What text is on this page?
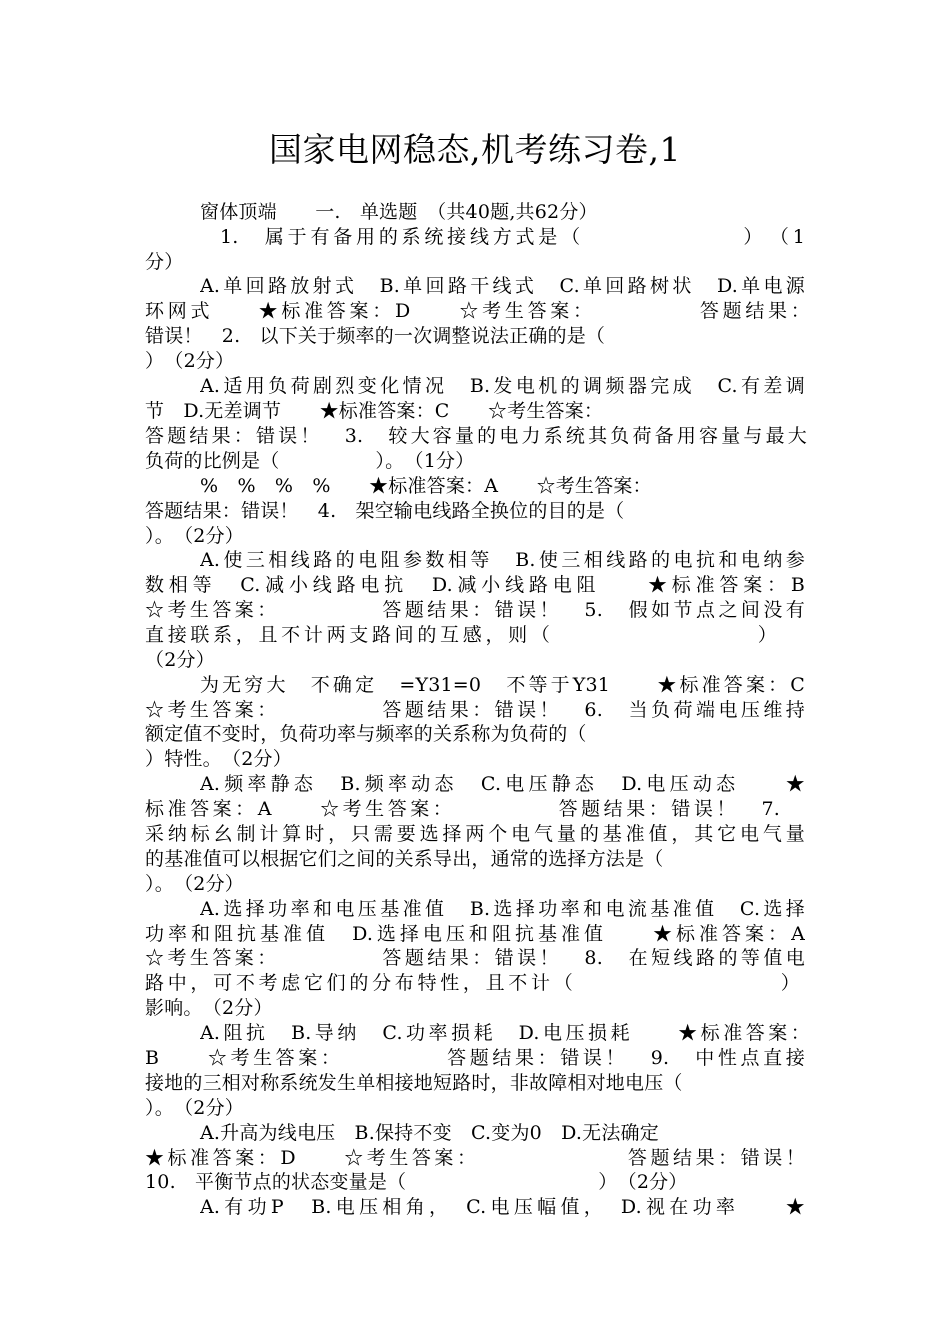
国家电网稳态,机考练习卷,1
窗体顶端　　一.　单选题　（共40题,共62分）
1.　属于有备用的系统接线方式是（　　　　　　　）　（1
分）
A.单回路放射式　B.单回路干线式　C.单回路树状　D.单电源
环网式　　★标准答案：D　　☆考生答案：　　　　　答题结果：
错误！　2.　以下关于频率的一次调整说法正确的是（
）　（2分）
A.适用负荷剧烈变化情况　B.发电机的调频器完成　C.有差调
节　D.无差调节　　★标准答案：C　　☆考生答案：
答题结果：错误！　3.　较大容量的电力系统其负荷备用容量与最大
负荷的比例是（　　　　　）。　（1分）
%　%　%　%　　★标准答案：A　　☆考生答案：
答题结果：错误！　4.　架空输电线路全换位的目的是（
）。　（2分）
A.使三相线路的电阻参数相等　B.使三相线路的电抗和电纳参
数相等　C.减小线路电抗　D.减小线路电阻　　★标准答案：B
☆考生答案：　　　　　答题结果：错误！　5.　假如节点之间没有
直接联系，且不计两支路间的互感，则（　　　　　　　　　）
（2分）
为无穷大　不确定　=Y31=0　不等于Y31　　★标准答案：C
☆考生答案：　　　　　答题结果：错误！　6.　当负荷端电压维持
额定值不变时，负荷功率与频率的关系称为负荷的（
）特性。　（2分）
A.频率静态　B.频率动态　C.电压静态　D.电压动态　　★
标准答案：A　　☆考生答案：　　　　　答题结果：错误！　7.
采纳标幺制计算时，只需要选择两个电气量的基准值，其它电气量
的基准值可以根据它们之间的关系导出，通常的选择方法是（
）。　（2分）
A.选择功率和电压基准值　B.选择功率和电流基准值　C.选择
功率和阻抗基准值　D.选择电压和阻抗基准值　　★标准答案：A
☆考生答案：　　　　　答题结果：错误！　8.　在短线路的等值电
路中，可不考虑它们的分布特性，且不计（　　　　　　　　　）
影响。　（2分）
A.阻抗　B.导纳　C.功率损耗　D.电压损耗　　★标准答案：
B　　☆考生答案：　　　　　答题结果：错误！　9.　中性点直接
接地的三相对称系统发生单相接地短路时，非故障相对地电压（
）。　（2分）
A.升高为线电压　B.保持不变　C.变为0　D.无法确定
★标准答案：D　　☆考生答案：　　　　　　　答题结果：错误！
10.　平衡节点的状态变量是（　　　　　　　　　　）　（2分）
A.有功P　B.电压相角，　C.电压幅值，　D.视在功率　　★
